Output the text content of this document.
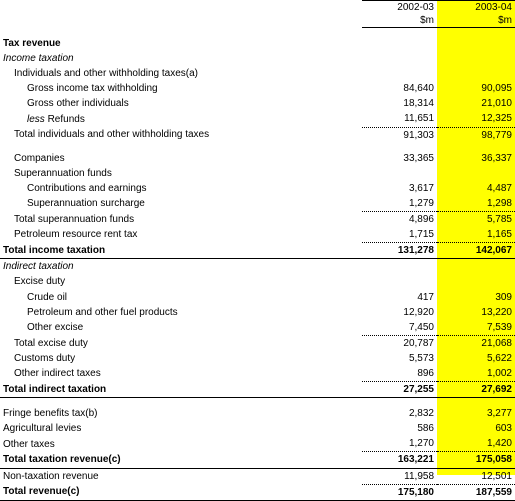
	2002-03	2003-04
	$m	$m

Tax revenue		
Income taxation		
Individuals and other withholding taxes(a)		
Gross income tax withholding	84,640	90,095
Gross other individuals	18,314	21,010
less Refunds	11,651	12,325
Total individuals and other withholding taxes	91,303	98,779

Companies	33,365	36,337
Superannuation funds		
Contributions and earnings	3,617	4,487
Superannuation surcharge	1,279	1,298
Total superannuation funds	4,896	5,785
Petroleum resource rent tax	1,715	1,165
Total income taxation	131,278	142,067
Indirect taxation		
Excise duty		
Crude oil	417	309
Petroleum and other fuel products	12,920	13,220
Other excise	7,450	7,539
Total excise duty	20,787	21,068
Customs duty	5,573	5,622
Other indirect taxes	896	1,002
Total indirect taxation	27,255	27,692

Fringe benefits tax(b)	2,832	3,277
Agricultural levies	586	603
Other taxes	1,270	1,420
Total taxation revenue(c)	163,221	175,058
Non-taxation revenue	11,958	12,501
Total revenue(c)	175,180	187,559
